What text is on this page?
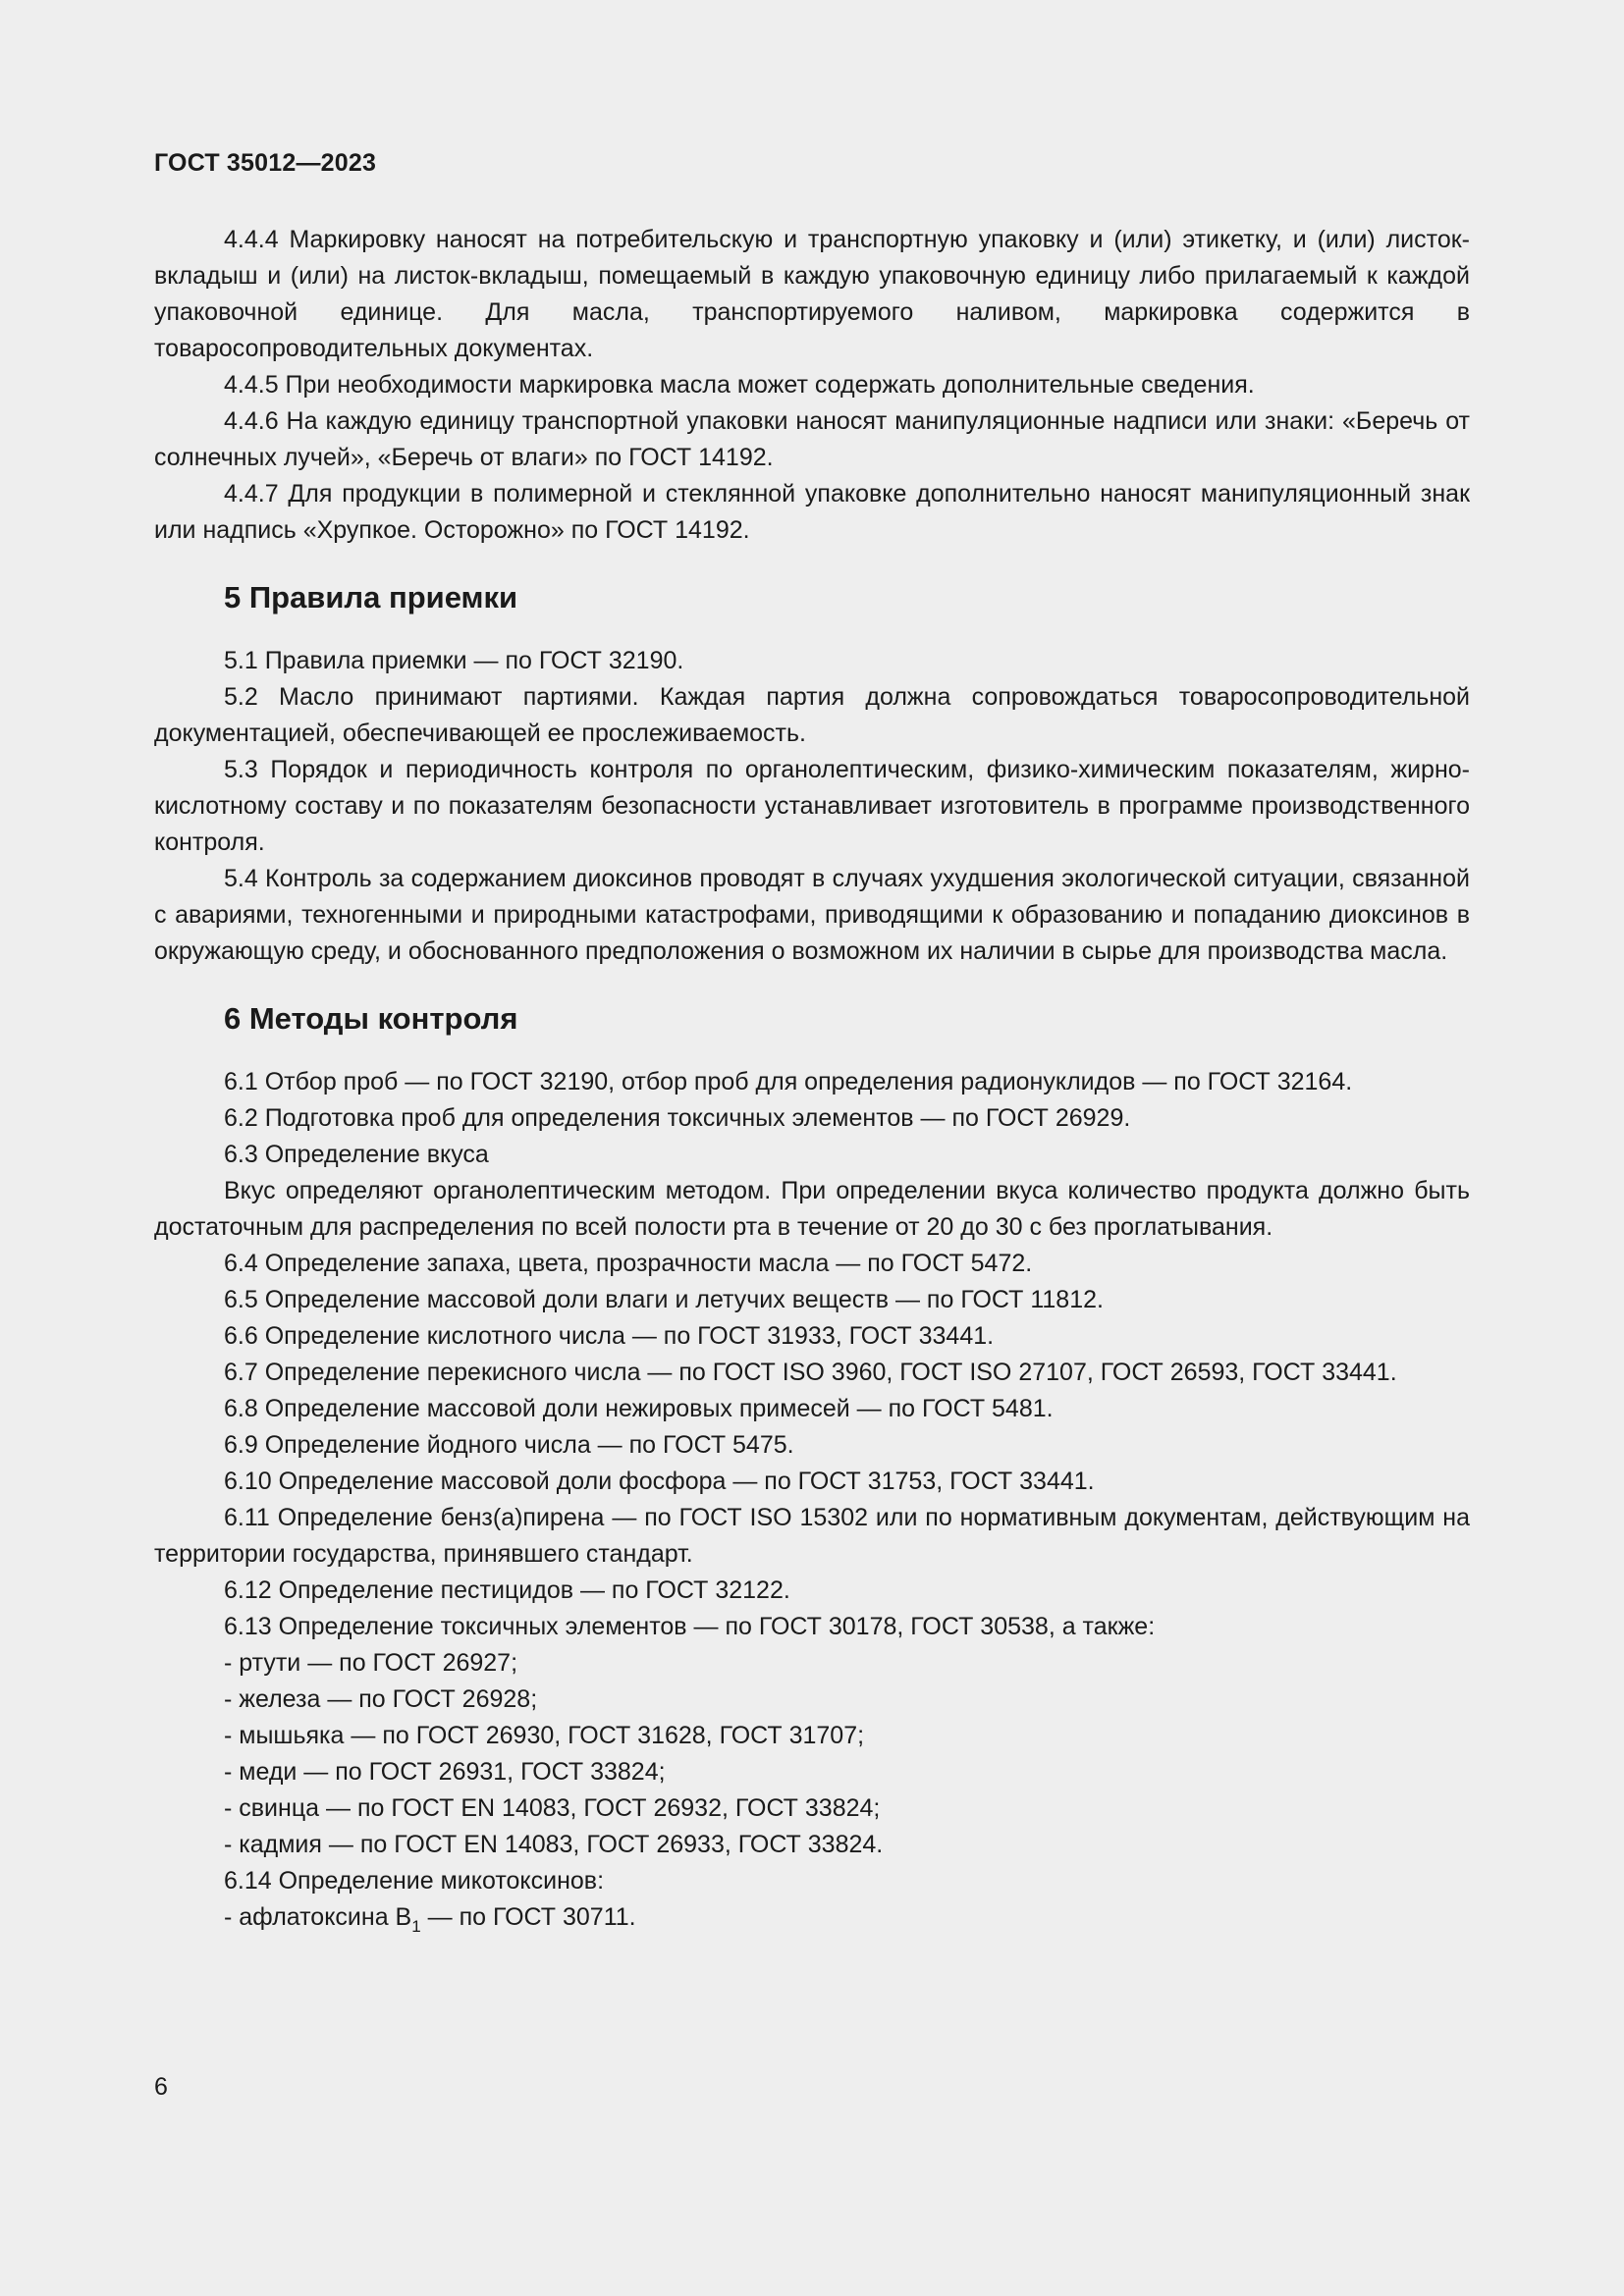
ГОСТ 35012—2023

4.4.4 Маркировку наносят на потребительскую и транспортную упаковку и (или) этикетку, и (или) листок-вкладыш и (или) на листок-вкладыш, помещаемый в каждую упаковочную единицу либо прилагаемый к каждой упаковочной единице. Для масла, транспортируемого наливом, маркировка содержится в товаросопроводительных документах.

4.4.5 При необходимости маркировка масла может содержать дополнительные сведения.

4.4.6 На каждую единицу транспортной упаковки наносят манипуляционные надписи или знаки: «Беречь от солнечных лучей», «Беречь от влаги» по ГОСТ 14192.

4.4.7 Для продукции в полимерной и стеклянной упаковке дополнительно наносят манипуляционный знак или надпись «Хрупкое. Осторожно» по ГОСТ 14192.

5 Правила приемки

5.1 Правила приемки — по ГОСТ 32190.

5.2 Масло принимают партиями. Каждая партия должна сопровождаться товаросопроводительной документацией, обеспечивающей ее прослеживаемость.

5.3 Порядок и периодичность контроля по органолептическим, физико-химическим показателям, жирно-кислотному составу и по показателям безопасности устанавливает изготовитель в программе производственного контроля.

5.4 Контроль за содержанием диоксинов проводят в случаях ухудшения экологической ситуации, связанной с авариями, техногенными и природными катастрофами, приводящими к образованию и попаданию диоксинов в окружающую среду, и обоснованного предположения о возможном их наличии в сырье для производства масла.

6 Методы контроля

6.1 Отбор проб — по ГОСТ 32190, отбор проб для определения радионуклидов — по ГОСТ 32164.

6.2 Подготовка проб для определения токсичных элементов — по ГОСТ 26929.

6.3 Определение вкуса

Вкус определяют органолептическим методом. При определении вкуса количество продукта должно быть достаточным для распределения по всей полости рта в течение от 20 до 30 с без проглатывания.

6.4 Определение запаха, цвета, прозрачности масла — по ГОСТ 5472.

6.5 Определение массовой доли влаги и летучих веществ — по ГОСТ 11812.

6.6 Определение кислотного числа — по ГОСТ 31933, ГОСТ 33441.

6.7 Определение перекисного числа — по ГОСТ ISO 3960, ГОСТ ISO 27107, ГОСТ 26593, ГОСТ 33441.

6.8 Определение массовой доли нежировых примесей — по ГОСТ 5481.

6.9 Определение йодного числа — по ГОСТ 5475.

6.10 Определение массовой доли фосфора — по ГОСТ 31753, ГОСТ 33441.

6.11 Определение бенз(а)пирена — по ГОСТ ISO 15302 или по нормативным документам, действующим на территории государства, принявшего стандарт.

6.12 Определение пестицидов — по ГОСТ 32122.

6.13 Определение токсичных элементов — по ГОСТ 30178, ГОСТ 30538, а также:

- ртути — по ГОСТ 26927;

- железа — по ГОСТ 26928;

- мышьяка — по ГОСТ 26930, ГОСТ 31628, ГОСТ 31707;

- меди — по ГОСТ 26931, ГОСТ 33824;

- свинца — по ГОСТ EN 14083, ГОСТ 26932, ГОСТ 33824;

- кадмия — по ГОСТ EN 14083, ГОСТ 26933, ГОСТ 33824.

6.14 Определение микотоксинов:

- афлатоксина $B_1$ — по ГОСТ 30711.

6
